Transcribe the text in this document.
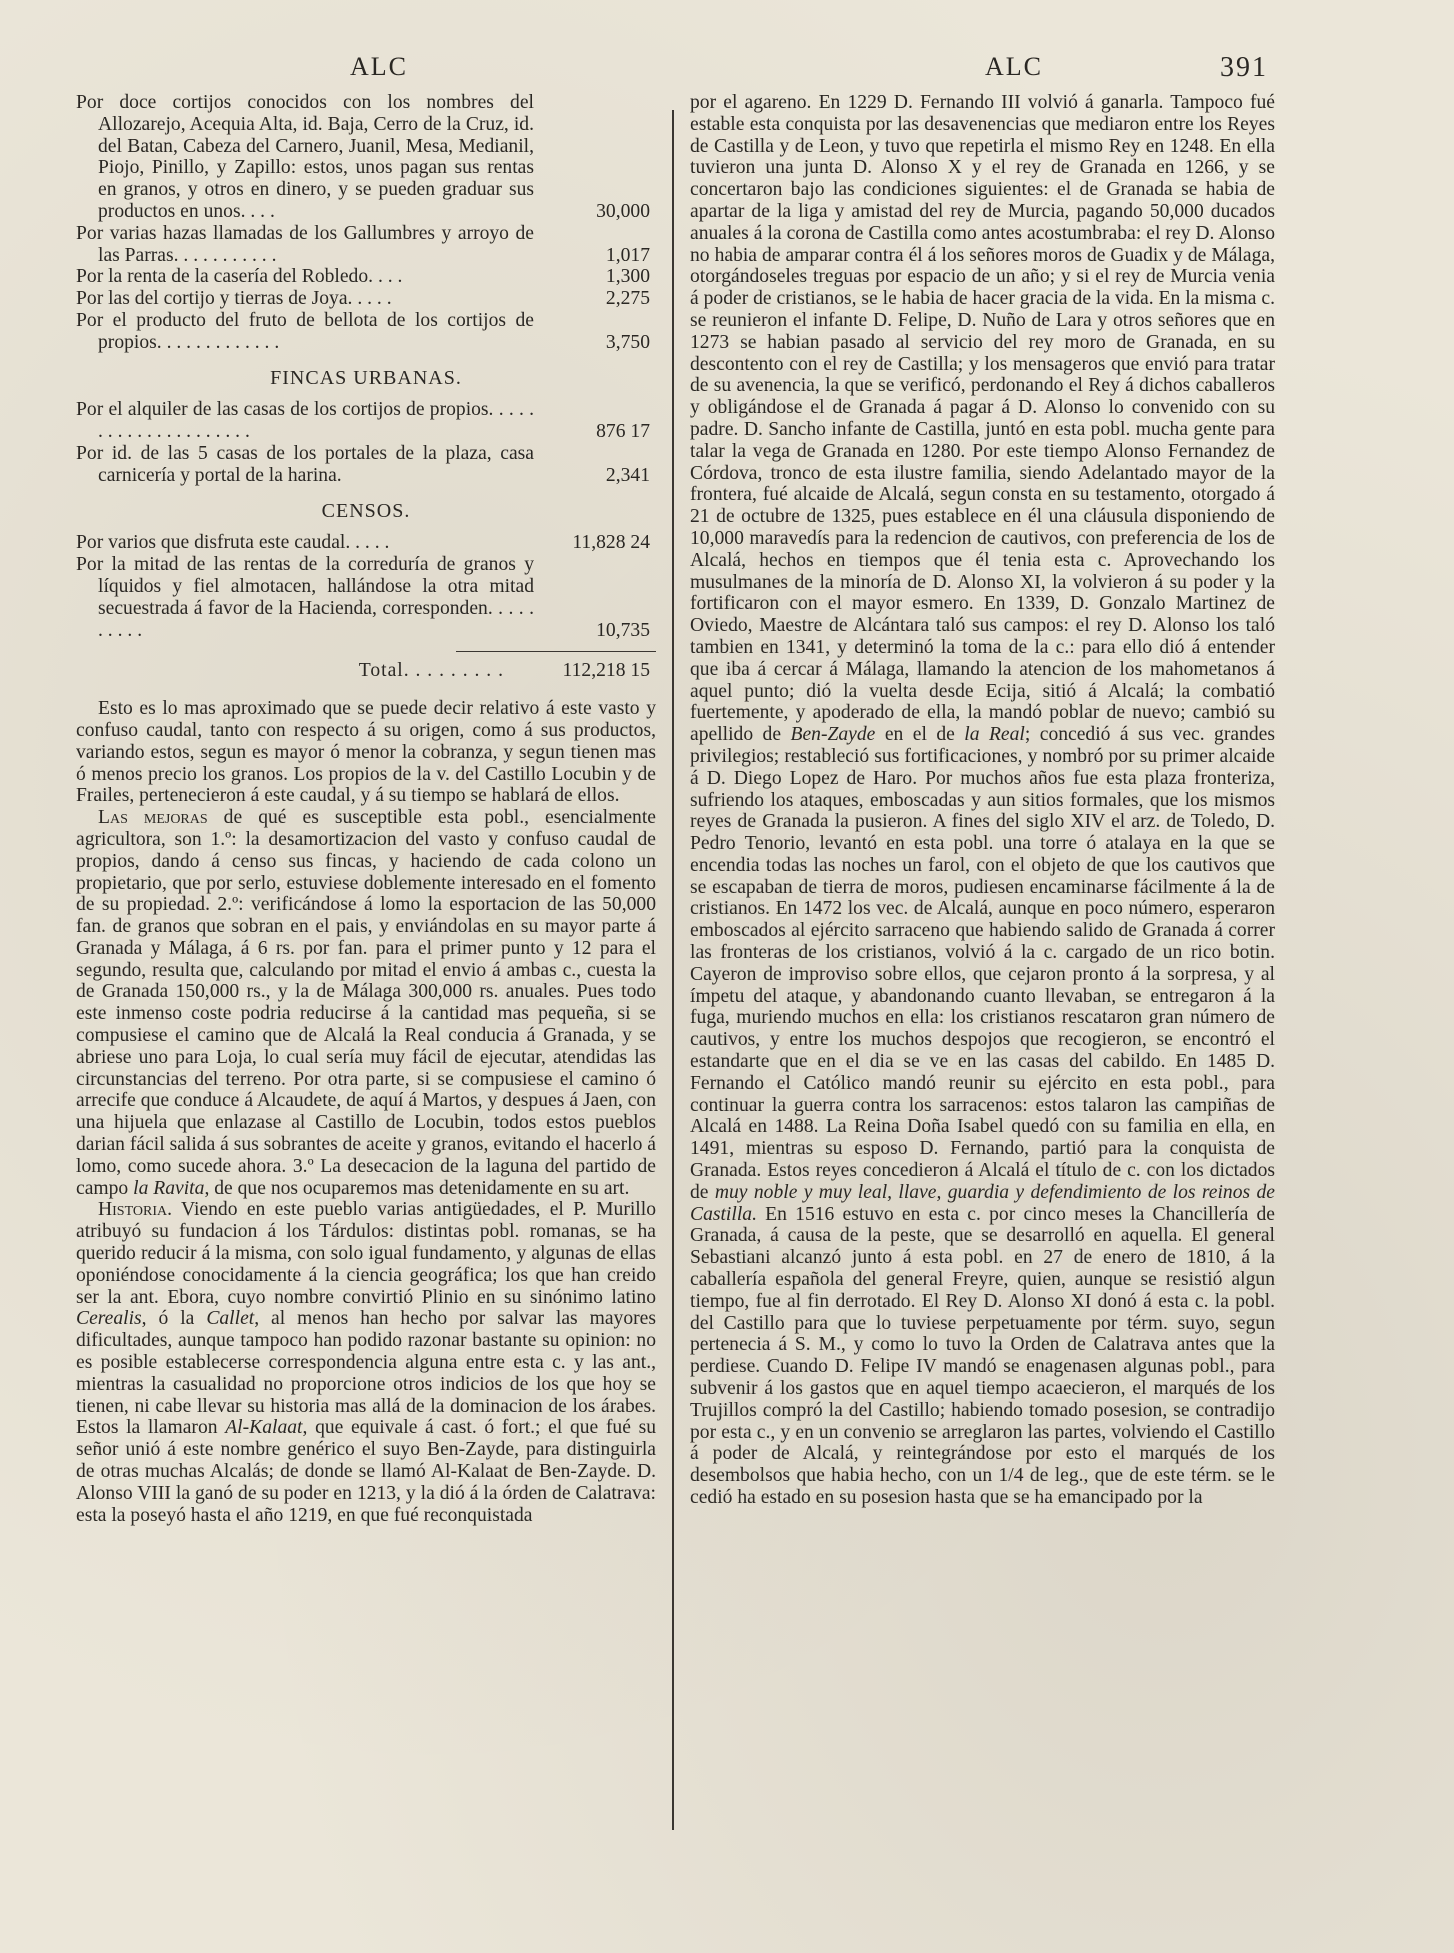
ALC	ALC	391
Por doce cortijos conocidos con los nombres del Allozarejo, Acequia Alta, id. Baja, Cerro de la Cruz, id. del Batan, Cabeza del Carnero, Juanil, Mesa, Medianil, Piojo, Pinillo, y Zapillo: estos, unos pagan sus rentas en granos, y otros en dinero, y se pueden graduar sus productos en unos. . . .	30,000
Por varias hazas llamadas de los Gallumbres y arroyo de las Parras. . . . . . . . . . .	1,017
Por la renta de la casería del Robledo. . . .	1,300
Por las del cortijo y tierras de Joya. . . . .	2,275
Por el producto del fruto de bellota de los cortijos de propios. . . . . . . . . . . . .	3,750
FINCAS URBANAS.
Por el alquiler de las casas de los cortijos de propios. . . . . . . . . . . . . . . . . . . . .	876 17
Por id. de las 5 casas de los portales de la plaza, casa carnicería y portal de la harina.	2,341
CENSOS.
Por varios que disfruta este caudal. . . . .	11,828 24
Por la mitad de las rentas de la correduría de granos y líquidos y fiel almotacen, hallándose la otra mitad secuestrada á favor de la Hacienda, corresponden. . . . . . . . . .	10,735
Total. . . . . . . . .	112,218 15

Esto es lo mas aproximado que se puede decir relativo á este vasto y confuso caudal, tanto con respecto á su origen, como á sus productos, variando estos, segun es mayor ó menor la cobranza, y segun tienen mas ó menos precio los granos. Los propios de la v. del Castillo Locubin y de Frailes, pertenecieron á este caudal, y á su tiempo se hablará de ellos.

Las mejoras de qué es susceptible esta pobl., esencialmente agricultora, son 1.º: la desamortizacion del vasto y confuso caudal de propios, dando á censo sus fincas, y haciendo de cada colono un propietario, que por serlo, estuviese doblemente interesado en el fomento de su propiedad. 2.º: verificándose á lomo la esportacion de las 50,000 fan. de granos que sobran en el pais, y enviándolas en su mayor parte á Granada y Málaga, á 6 rs. por fan. para el primer punto y 12 para el segundo, resulta que, calculando por mitad el envio á ambas c., cuesta la de Granada 150,000 rs., y la de Málaga 300,000 rs. anuales. Pues todo este inmenso coste podria reducirse á la cantidad mas pequeña, si se compusiese el camino que de Alcalá la Real conducia á Granada, y se abriese uno para Loja, lo cual sería muy fácil de ejecutar, atendidas las circunstancias del terreno. Por otra parte, si se compusiese el camino ó arrecife que conduce á Alcaudete, de aquí á Martos, y despues á Jaen, con una hijuela que enlazase al Castillo de Locubin, todos estos pueblos darian fácil salida á sus sobrantes de aceite y granos, evitando el hacerlo á lomo, como sucede ahora. 3.º La desecacion de la laguna del partido de campo la Ravita, de que nos ocuparemos mas detenidamente en su art.

Historia. Viendo en este pueblo varias antigüedades, el P. Murillo atribuyó su fundacion á los Tárdulos: distintas pobl. romanas, se ha querido reducir á la misma, con solo igual fundamento, y algunas de ellas oponiéndose conocidamente á la ciencia geográfica; los que han creido ser la ant. Ebora, cuyo nombre convirtió Plinio en su sinónimo latino Cerealis, ó la Callet, al menos han hecho por salvar las mayores dificultades, aunque tampoco han podido razonar bastante su opinion: no es posible establecerse correspondencia alguna entre esta c. y las ant., mientras la casualidad no proporcione otros indicios de los que hoy se tienen, ni cabe llevar su historia mas allá de la dominacion de los árabes. Estos la llamaron Al-Kalaat, que equivale á cast. ó fort.; el que fué su señor unió á este nombre genérico el suyo Ben-Zayde, para distinguirla de otras muchas Alcalás; de donde se llamó Al-Kalaat de Ben-Zayde. D. Alonso VIII la ganó de su poder en 1213, y la dió á la órden de Calatrava: esta la poseyó hasta el año 1219, en que fué reconquistada

por el agareno. En 1229 D. Fernando III volvió á ganarla. Tampoco fué estable esta conquista por las desavenencias que mediaron entre los Reyes de Castilla y de Leon, y tuvo que repetirla el mismo Rey en 1248. En ella tuvieron una junta D. Alonso X y el rey de Granada en 1266, y se concertaron bajo las condiciones siguientes: el de Granada se habia de apartar de la liga y amistad del rey de Murcia, pagando 50,000 ducados anuales á la corona de Castilla como antes acostumbraba: el rey D. Alonso no habia de amparar contra él á los señores moros de Guadix y de Málaga, otorgándoseles treguas por espacio de un año; y si el rey de Murcia venia á poder de cristianos, se le habia de hacer gracia de la vida. En la misma c. se reunieron el infante D. Felipe, D. Nuño de Lara y otros señores que en 1273 se habian pasado al servicio del rey moro de Granada, en su descontento con el rey de Castilla; y los mensageros que envió para tratar de su avenencia, la que se verificó, perdonando el Rey á dichos caballeros y obligándose el de Granada á pagar á D. Alonso lo convenido con su padre. D. Sancho infante de Castilla, juntó en esta pobl. mucha gente para talar la vega de Granada en 1280. Por este tiempo Alonso Fernandez de Córdova, tronco de esta ilustre familia, siendo Adelantado mayor de la frontera, fué alcaide de Alcalá, segun consta en su testamento, otorgado á 21 de octubre de 1325, pues establece en él una cláusula disponiendo de 10,000 maravedís para la redencion de cautivos, con preferencia de los de Alcalá, hechos en tiempos que él tenia esta c. Aprovechando los musulmanes de la minoría de D. Alonso XI, la volvieron á su poder y la fortificaron con el mayor esmero. En 1339, D. Gonzalo Martinez de Oviedo, Maestre de Alcántara taló sus campos: el rey D. Alonso los taló tambien en 1341, y determinó la toma de la c.: para ello dió á entender que iba á cercar á Málaga, llamando la atencion de los mahometanos á aquel punto; dió la vuelta desde Ecija, sitió á Alcalá; la combatió fuertemente, y apoderado de ella, la mandó poblar de nuevo; cambió su apellido de Ben-Zayde en el de la Real; concedió á sus vec. grandes privilegios; restableció sus fortificaciones, y nombró por su primer alcaide á D. Diego Lopez de Haro. Por muchos años fue esta plaza fronteriza, sufriendo los ataques, emboscadas y aun sitios formales, que los mismos reyes de Granada la pusieron. A fines del siglo XIV el arz. de Toledo, D. Pedro Tenorio, levantó en esta pobl. una torre ó atalaya en la que se encendia todas las noches un farol, con el objeto de que los cautivos que se escapaban de tierra de moros, pudiesen encaminarse fácilmente á la de cristianos. En 1472 los vec. de Alcalá, aunque en poco número, esperaron emboscados al ejército sarraceno que habiendo salido de Granada á correr las fronteras de los cristianos, volvió á la c. cargado de un rico botin. Cayeron de improviso sobre ellos, que cejaron pronto á la sorpresa, y al ímpetu del ataque, y abandonando cuanto llevaban, se entregaron á la fuga, muriendo muchos en ella: los cristianos rescataron gran número de cautivos, y entre los muchos despojos que recogieron, se encontró el estandarte que en el dia se ve en las casas del cabildo. En 1485 D. Fernando el Católico mandó reunir su ejército en esta pobl., para continuar la guerra contra los sarracenos: estos talaron las campiñas de Alcalá en 1488. La Reina Doña Isabel quedó con su familia en ella, en 1491, mientras su esposo D. Fernando, partió para la conquista de Granada. Estos reyes concedieron á Alcalá el título de c. con los dictados de muy noble y muy leal, llave, guardia y defendimiento de los reinos de Castilla. En 1516 estuvo en esta c. por cinco meses la Chancillería de Granada, á causa de la peste, que se desarrolló en aquella. El general Sebastiani alcanzó junto á esta pobl. en 27 de enero de 1810, á la caballería española del general Freyre, quien, aunque se resistió algun tiempo, fue al fin derrotado. El Rey D. Alonso XI donó á esta c. la pobl. del Castillo para que lo tuviese perpetuamente por térm. suyo, segun pertenecia á S. M., y como lo tuvo la Orden de Calatrava antes que la perdiese. Cuando D. Felipe IV mandó se enagenasen algunas pobl., para subvenir á los gastos que en aquel tiempo acaecieron, el marqués de los Trujillos compró la del Castillo; habiendo tomado posesion, se contradijo por esta c., y en un convenio se arreglaron las partes, volviendo el Castillo á poder de Alcalá, y reintegrándose por esto el marqués de los desembolsos que habia hecho, con un 1/4 de leg., que de este térm. se le cedió ha estado en su posesion hasta que se ha emancipado por la
